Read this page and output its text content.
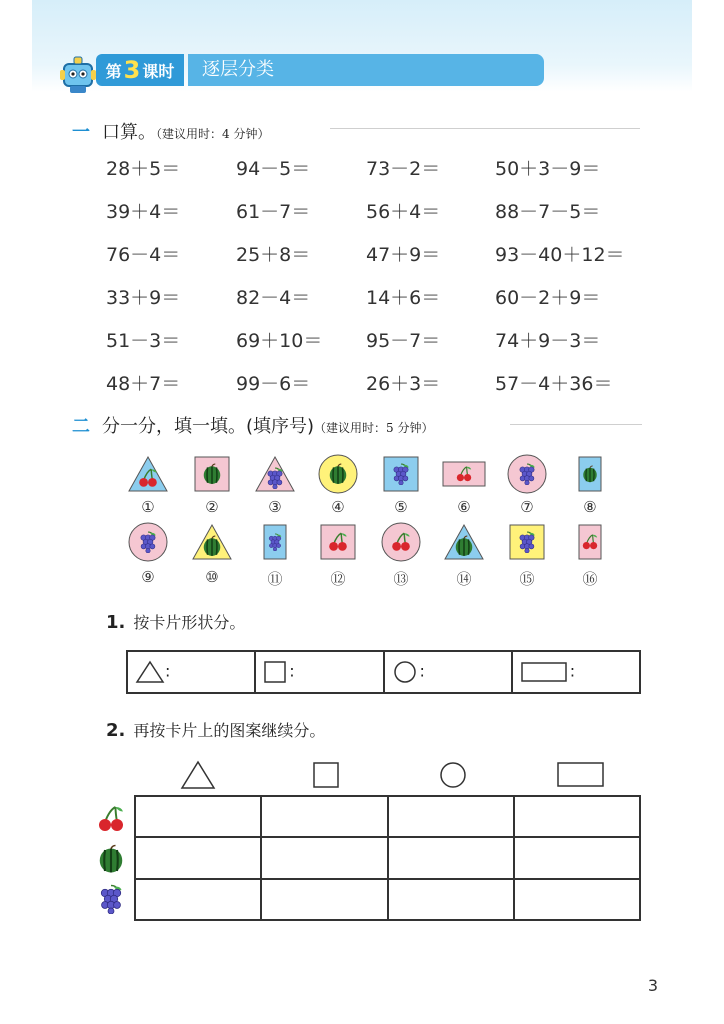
第 3 课时	逐层分类
一 口算。（建议用时：4 分钟）
28＋5＝	94－5＝	73－2＝	50＋3－9＝
39＋4＝	61－7＝	56＋4＝	88－7－5＝
76－4＝	25＋8＝	47＋9＝	93－40＋12＝
33＋9＝	82－4＝	14＋6＝	60－2＋9＝
51－3＝	69＋10＝ 95－7＝	74＋9－3＝
48＋7＝	99－6＝	26＋3＝	57－4＋36＝
二 分一分，填一填。(填序号)（建议用时：5 分钟）
①	②	③	④	⑤	⑥	⑦	⑧
⑨	⑩	⑪	⑫	⑬	⑭	⑮	⑯
1. 按卡片形状分。
:	:	:	:
2. 再按卡片上的图案继续分。

3
